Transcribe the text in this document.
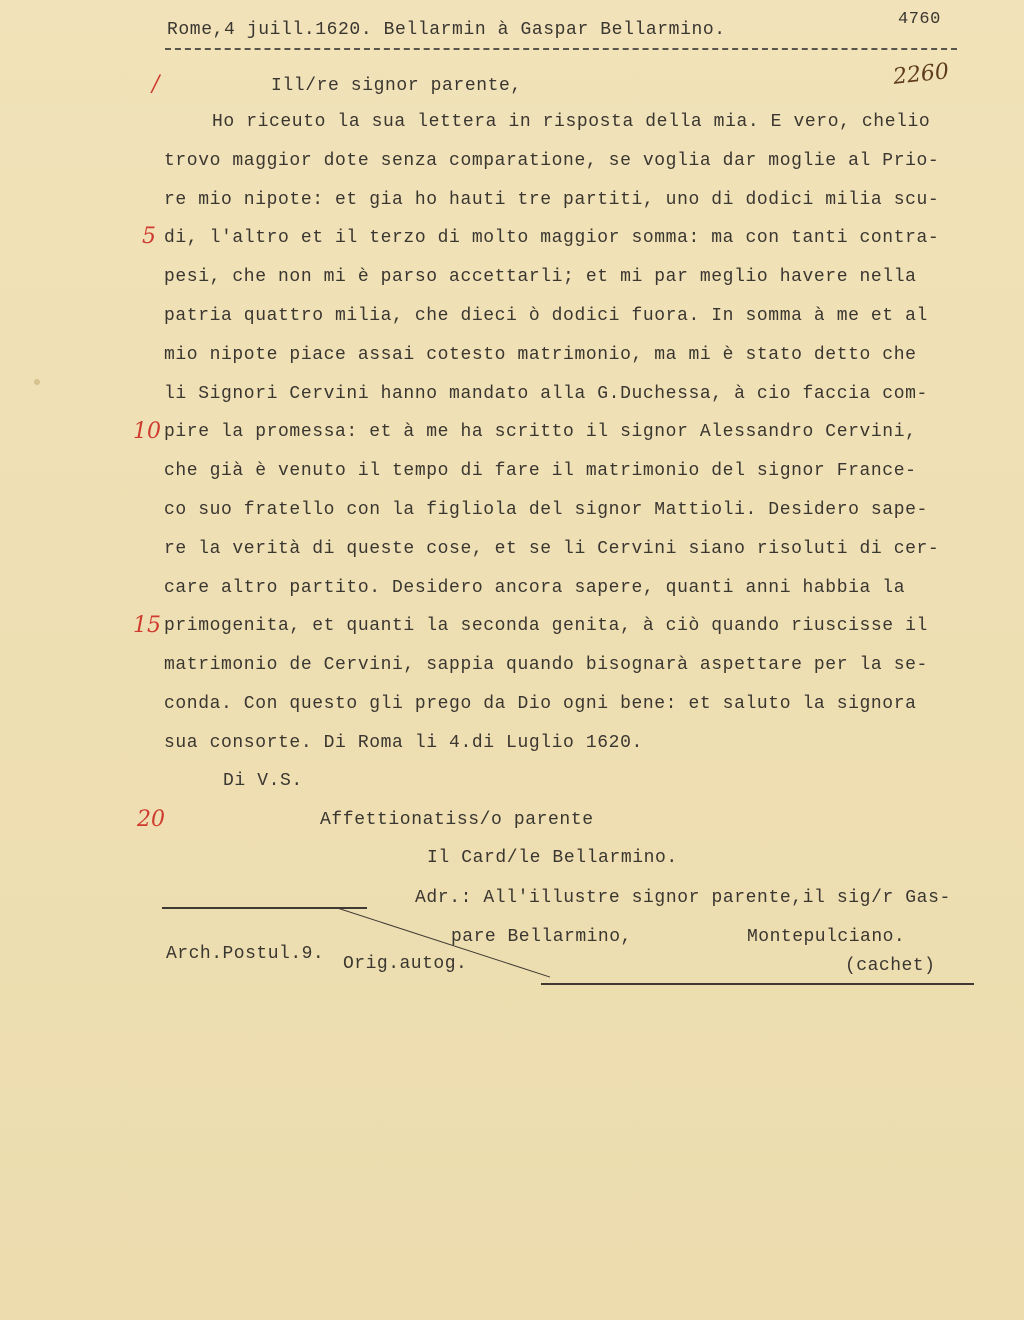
Rome,4 juill.1620. Bellarmin à Gaspar Bellarmino.
4760
2260
/
5
10
15
20
Ill/re signor parente,
Ho riceuto la sua lettera in risposta della mia. E vero, chelio
trovo maggior dote senza comparatione, se voglia dar moglie al Prio-
re mio nipote: et gia ho hauti tre partiti, uno di dodici milia scu-
di, l'altro et il terzo di molto maggior somma: ma con tanti contra-
pesi, che non mi è parso accettarli; et mi par meglio havere nella
patria quattro milia, che dieci ò dodici fuora. In somma à me et al
mio nipote piace assai cotesto matrimonio, ma mi è stato detto che
li Signori Cervini hanno mandato alla G.Duchessa, à cio faccia com-
pire la promessa: et à me ha scritto il signor Alessandro Cervini,
che già è venuto il tempo di fare il matrimonio del signor France-
co suo fratello con la figliola del signor Mattioli. Desidero sape-
re la verità di queste cose, et se li Cervini siano risoluti di cer-
care altro partito. Desidero ancora sapere, quanti anni habbia la
primogenita, et quanti la seconda genita, à ciò quando riuscisse il
matrimonio de Cervini, sappia quando bisognarà aspettare per la se-
conda. Con questo gli prego da Dio ogni bene: et saluto la signora
sua consorte. Di Roma li 4.di Luglio 1620.
Di V.S.
Affettionatiss/o parente
Il Card/le Bellarmino.
Adr.: All'illustre signor parente,il sig/r Gas-
pare Bellarmino,	Montepulciano.
(cachet)
Arch.Postul.9. Orig.autog.
